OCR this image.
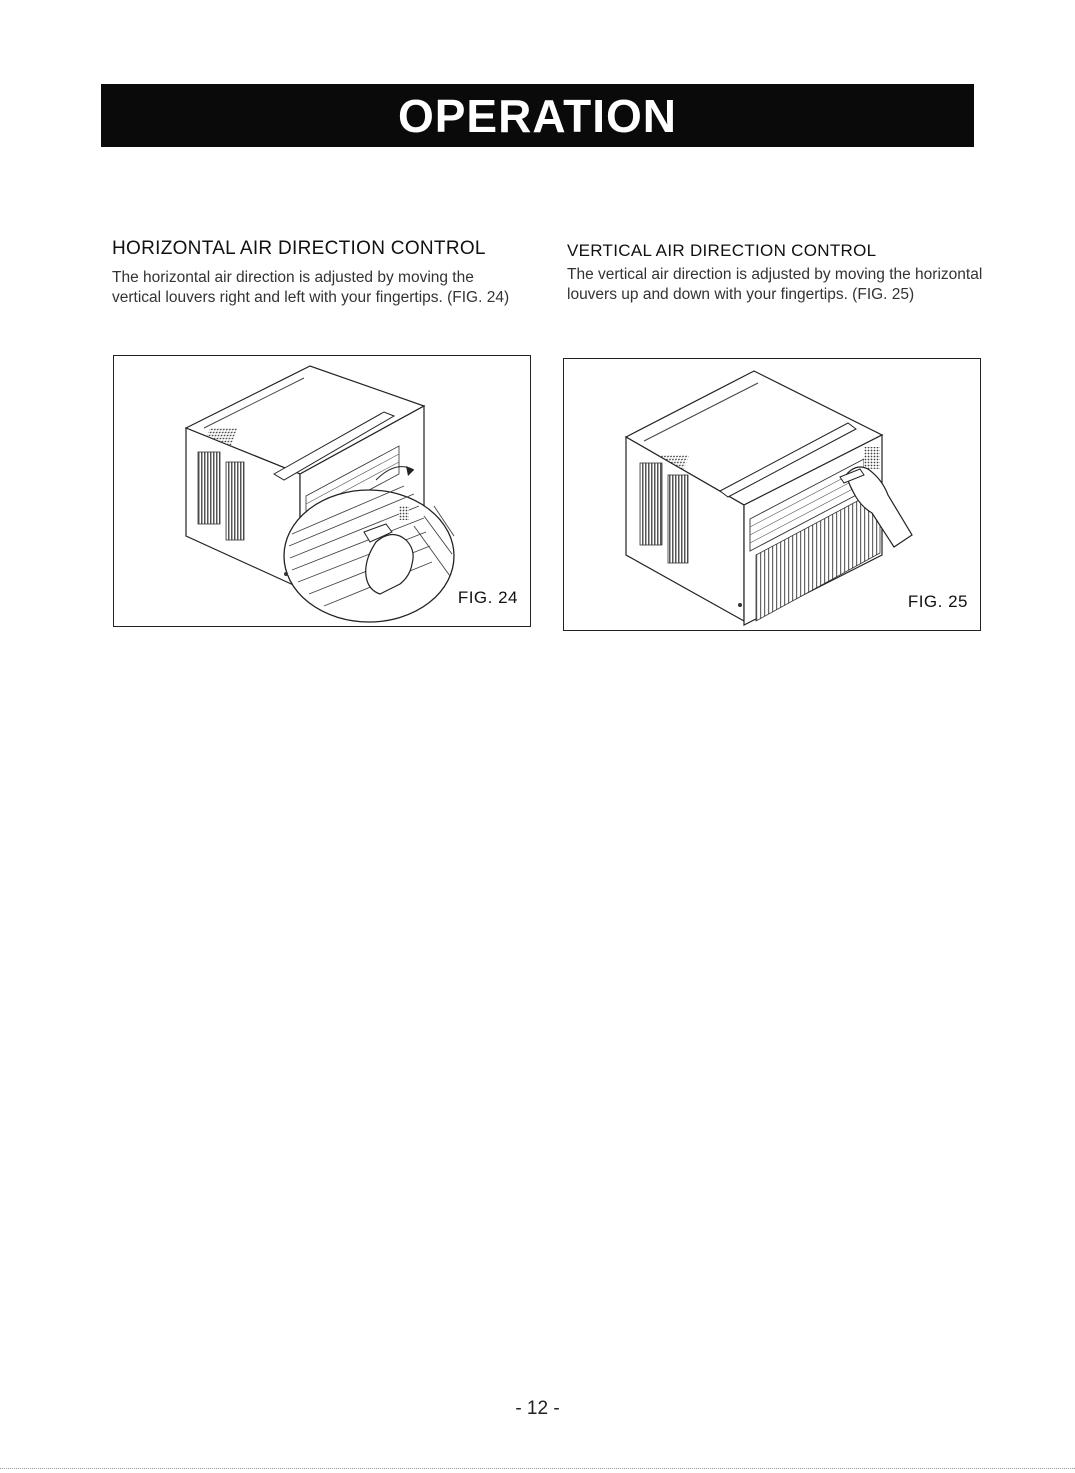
OPERATION
HORIZONTAL AIR DIRECTION CONTROL

The horizontal air direction is adjusted by moving the vertical louvers right and left with your fingertips. (FIG. 24)

VERTICAL AIR DIRECTION CONTROL

The vertical air direction is adjusted by moving the horizontal louvers up and down with your fingertips. (FIG. 25)

FIG. 24	FIG. 25
- 12 -
